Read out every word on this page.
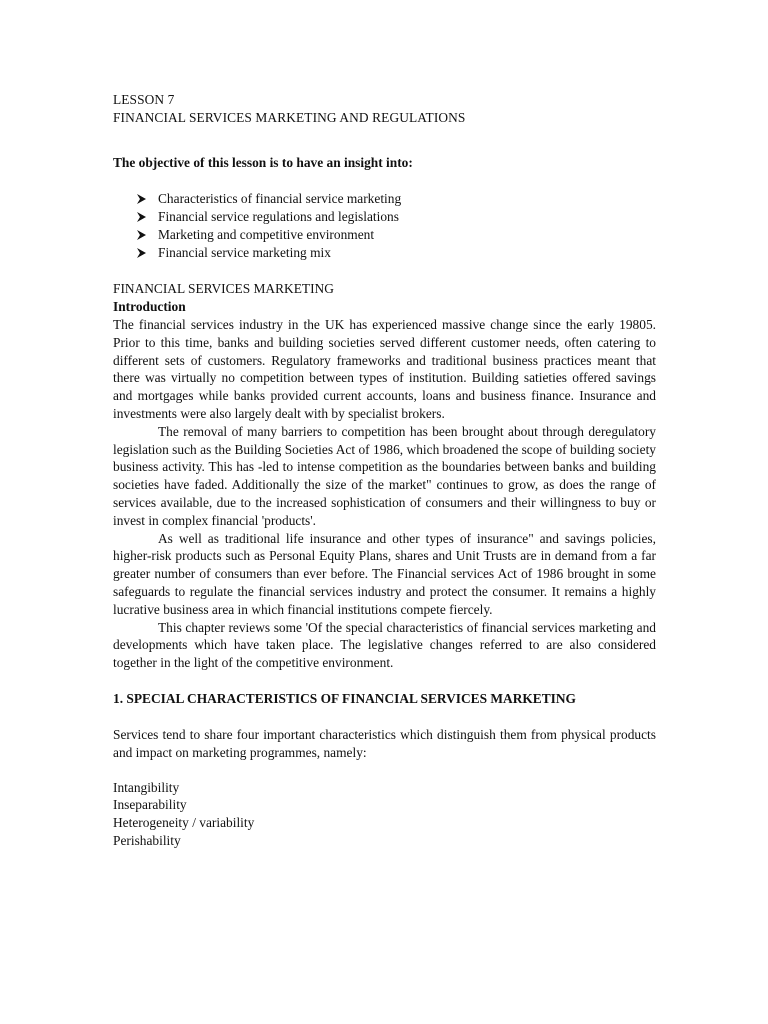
LESSON 7
FINANCIAL SERVICES MARKETING AND REGULATIONS
The objective of this lesson is to have an insight into:
Characteristics of financial service marketing
Financial service regulations and legislations
Marketing and competitive environment
Financial service marketing mix
FINANCIAL SERVICES MARKETING
Introduction

The financial services industry in the UK has experienced massive change since the early 19805. Prior to this time, banks and building societies served different customer needs, often catering to different sets of customers. Regulatory frameworks and traditional business practices meant that there was virtually no competition between types of institution. Building satieties offered savings and mortgages while banks provided current accounts, loans and business finance. Insurance and investments were also largely dealt with by specialist brokers.

The removal of many barriers to competition has been brought about through deregulatory legislation such as the Building Societies Act of 1986, which broadened the scope of building society business activity. This has -led to intense competition as the boundaries between banks and building societies have faded. Additionally the size of the market" continues to grow, as does the range of services available, due to the increased sophistication of consumers and their willingness to buy or invest in complex financial 'products'.

As well as traditional life insurance and other types of insurance" and savings policies, higher-risk products such as Personal Equity Plans, shares and Unit Trusts are in demand from a far greater number of consumers than ever before. The Financial services Act of 1986 brought in some safeguards to regulate the financial services industry and protect the consumer. It remains a highly lucrative business area in which financial institutions compete fiercely.

This chapter reviews some 'Of the special characteristics of financial services marketing and developments which have taken place. The legislative changes referred to are also considered together in the light of the competitive environment.

1. SPECIAL CHARACTERISTICS OF FINANCIAL SERVICES MARKETING

Services tend to share four important characteristics which distinguish them from physical products and impact on marketing programmes, namely:

Intangibility
Inseparability
Heterogeneity / variability
Perishability
